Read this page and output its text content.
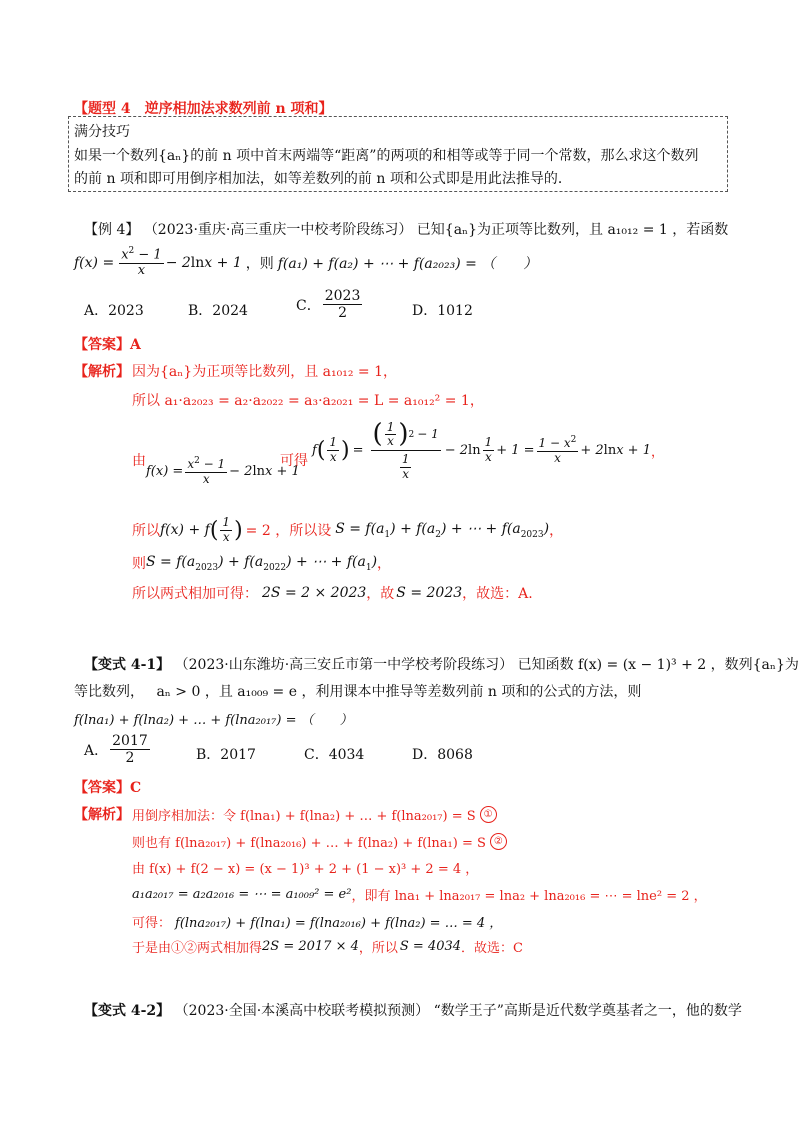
【题型 4　逆序相加法求数列前 n 项和】
满分技巧
如果一个数列{aₙ}的前 n 项中首末两端等“距离”的两项的和相等或等于同一个常数，那么求这个数列
的前 n 项和即可用倒序相加法，如等差数列的前 n 项和公式即是用此法推导的．
【例 4】 （2023·重庆·高三重庆一中校考阶段练习） 已知{aₙ}为正项等比数列，且 a₁₀₁₂ = 1 ，若函数
$f(x) = \frac{x^2 - 1}{x} - 2\ln x + 1$ ，则 f(a₁) + f(a₂) + ⋯ + f(a₂₀₂₃) = （　　）
A．2023	B．2024	C． $\frac{2023}{2}$	D．1012
【答案】A
【解析】 因为{aₙ}为正项等比数列，且 a₁₀₁₂ = 1，
所以 a₁·a₂₀₂₃ = a₂·a₂₀₂₂ = a₃·a₂₀₂₁ = L = a₁₀₁₂² = 1，
由
$f(x) = \frac{x^2 - 1}{x} - 2\ln x + 1$
可得
f ( $\frac{1}{x}$ ) = $\frac{( \frac{1}{x} ) 2 - 1}{\frac{1}{x}} - 2\ln \frac{1}{x} + 1 = \frac{1 - x^2}{x} + 2\ln x + 1$ ，
所以 f(x) + f ( $\frac{1}{x}$ ) = 2 ，所以设 $S = f(a_1) + f(a_2)$ + ⋯ + $f(a_{2023})$ ，
则 $S = f(a_{2023}) + f(a_{2022})$ + ⋯ + $f(a_1)$ ，
所以两式相加可得： 2S = 2 × 2023 ，故 S = 2023 ，故选：A.
【变式 4-1】 （2023·山东潍坊·高三安丘市第一中学校考阶段练习） 已知函数 f(x) = (x − 1)³ + 2 ，数列{aₙ}为
等比数列， aₙ > 0 ，且 a₁₀₀₉ = e ，利用课本中推导等差数列前 n 项和的公式的方法，则
f(lna₁) + f(lna₂) + … + f(lna₂₀₁₇) = （　　）
A． $\frac{2017}{2}$	B．2017	C．4034	D．8068
【答案】C
【解析】 用倒序相加法：令 f(lna₁) + f(lna₂) + … + f(lna₂₀₁₇) = S ①
则也有 f(lna₂₀₁₇) + f(lna₂₀₁₆) + … + f(lna₂) + f(lna₁) = S ②
由 f(x) + f(2 − x) = (x − 1)³ + 2 + (1 − x)³ + 2 = 4 ，
a₁a₂₀₁₇ = a₂a₂₀₁₆ = ⋯ = a₁₀₀₉² = e² ，即有 lna₁ + lna₂₀₁₇ = lna₂ + lna₂₀₁₆ = ⋯ = lne² = 2 ，
可得： f(lna₂₀₁₇) + f(lna₁) = f(lna₂₀₁₆) + f(lna₂) = … = 4 ，
于是由①②两式相加得 2S = 2017 × 4 ，所以 S = 4034 ．故选：C
【变式 4-2】 （2023·全国·本溪高中校联考模拟预测） “数学王子”高斯是近代数学奠基者之一，他的数学
